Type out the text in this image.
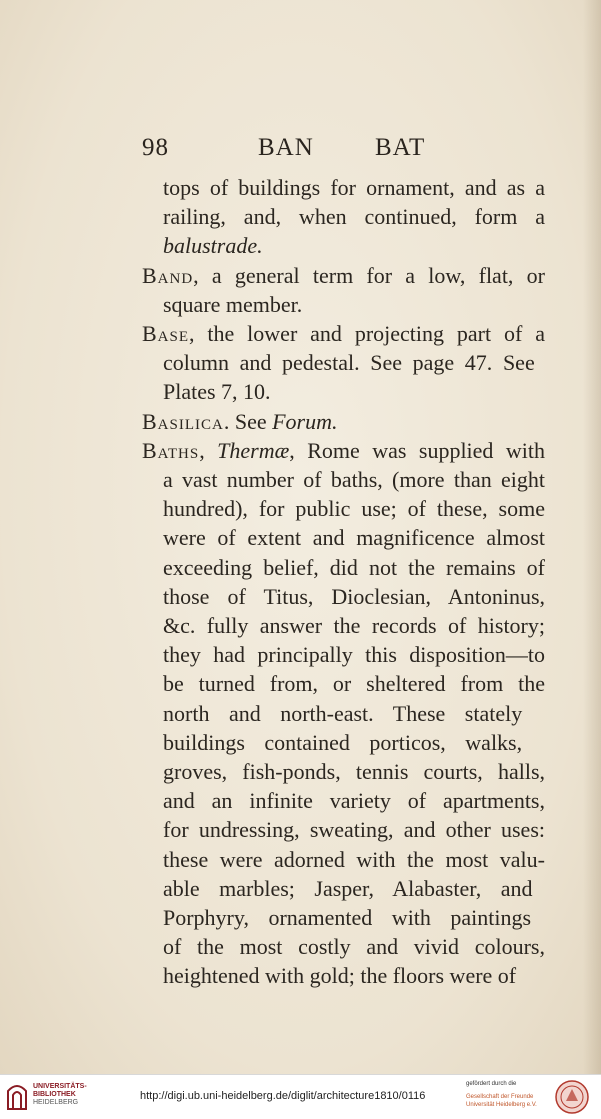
98	BAN BAT
tops of buildings for ornament, and as a
railing, and, when continued, form a
balustrade.
Band, a general term for a low, flat, or
square member.
Base, the lower and projecting part of a
column and pedestal. See page 47. See
Plates 7, 10.
Basilica. See Forum.
Baths, Thermæ, Rome was supplied with
a vast number of baths, (more than eight
hundred), for public use; of these, some
were of extent and magnificence almost
exceeding belief, did not the remains of
those of Titus, Dioclesian, Antoninus,
&c. fully answer the records of history;
they had principally this disposition—to
be turned from, or sheltered from the
north and north-east. These stately
buildings contained porticos, walks,
groves, fish-ponds, tennis courts, halls,
and an infinite variety of apartments,
for undressing, sweating, and other uses:
these were adorned with the most valu-
able marbles; Jasper, Alabaster, and
Porphyry, ornamented with paintings
of the most costly and vivid colours,
heightened with gold; the floors were of
UNIVERSITÄTS-
BIBLIOTHEK
HEIDELBERG
http://digi.ub.uni-heidelberg.de/diglit/architecture1810/0116
gefördert durch die
Gesellschaft der Freunde
Universität Heidelberg e.V.
